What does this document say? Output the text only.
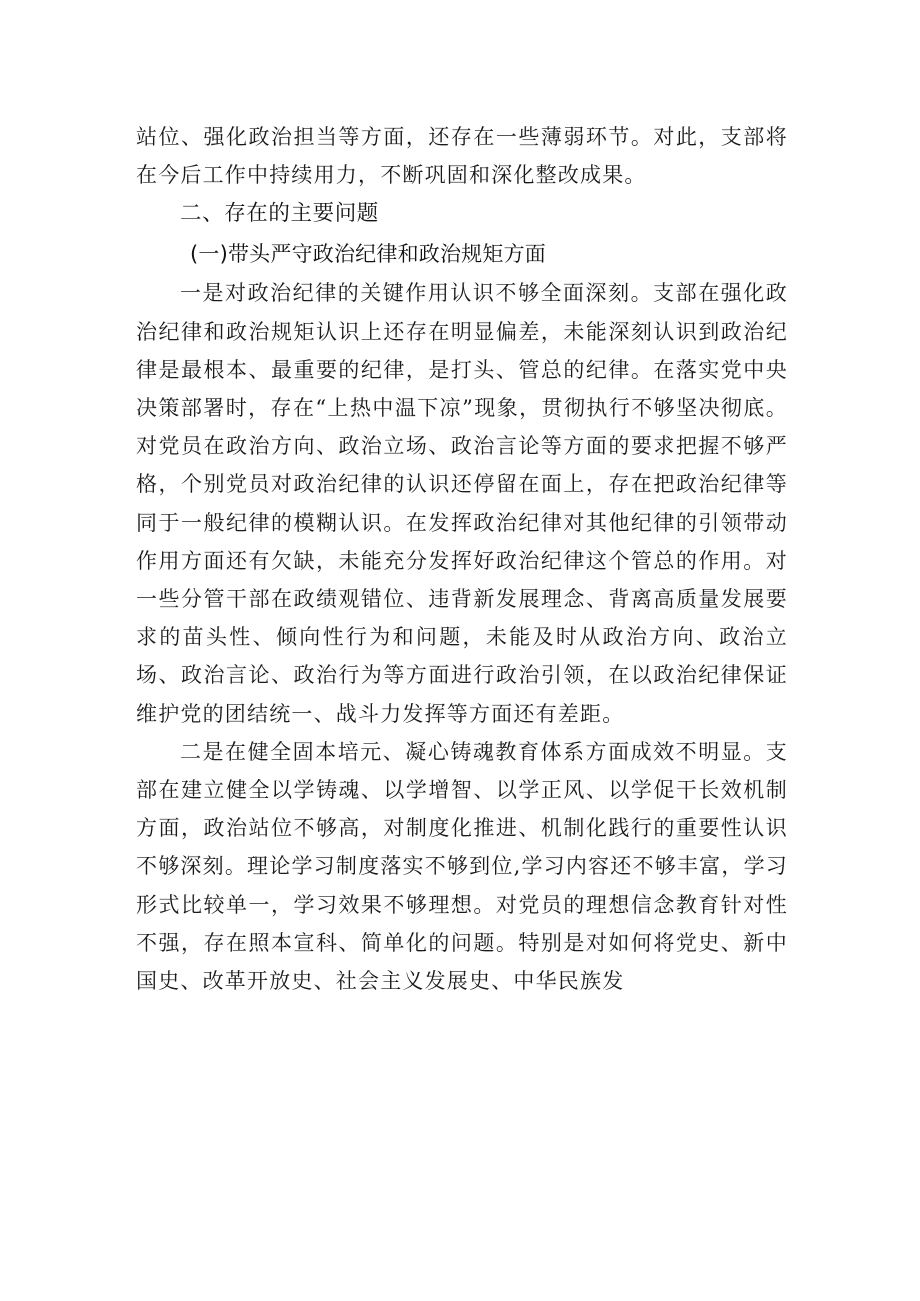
站位、强化政治担当等方面，还存在一些薄弱环节。对此，支部将在今后工作中持续用力，不断巩固和深化整改成果。

二、存在的主要问题
(一)带头严守政治纪律和政治规矩方面

一是对政治纪律的关键作用认识不够全面深刻。支部在强化政治纪律和政治规矩认识上还存在明显偏差，未能深刻认识到政治纪律是最根本、最重要的纪律，是打头、管总的纪律。在落实党中央决策部署时，存在“上热中温下凉”现象，贯彻执行不够坚决彻底。对党员在政治方向、政治立场、政治言论等方面的要求把握不够严格，个别党员对政治纪律的认识还停留在面上，存在把政治纪律等同于一般纪律的模糊认识。在发挥政治纪律对其他纪律的引领带动作用方面还有欠缺，未能充分发挥好政治纪律这个管总的作用。对一些分管干部在政绩观错位、违背新发展理念、背离高质量发展要求的苗头性、倾向性行为和问题，未能及时从政治方向、政治立场、政治言论、政治行为等方面进行政治引领，在以政治纪律保证维护党的团结统一、战斗力发挥等方面还有差距。

二是在健全固本培元、凝心铸魂教育体系方面成效不明显。支部在建立健全以学铸魂、以学增智、以学正风、以学促干长效机制方面，政治站位不够高，对制度化推进、机制化践行的重要性认识不够深刻。理论学习制度落实不够到位,学习内容还不够丰富，学习形式比较单一，学习效果不够理想。对党员的理想信念教育针对性不强，存在照本宣科、简单化的问题。特别是对如何将党史、新中国史、改革开放史、社会主义发展史、中华民族发
